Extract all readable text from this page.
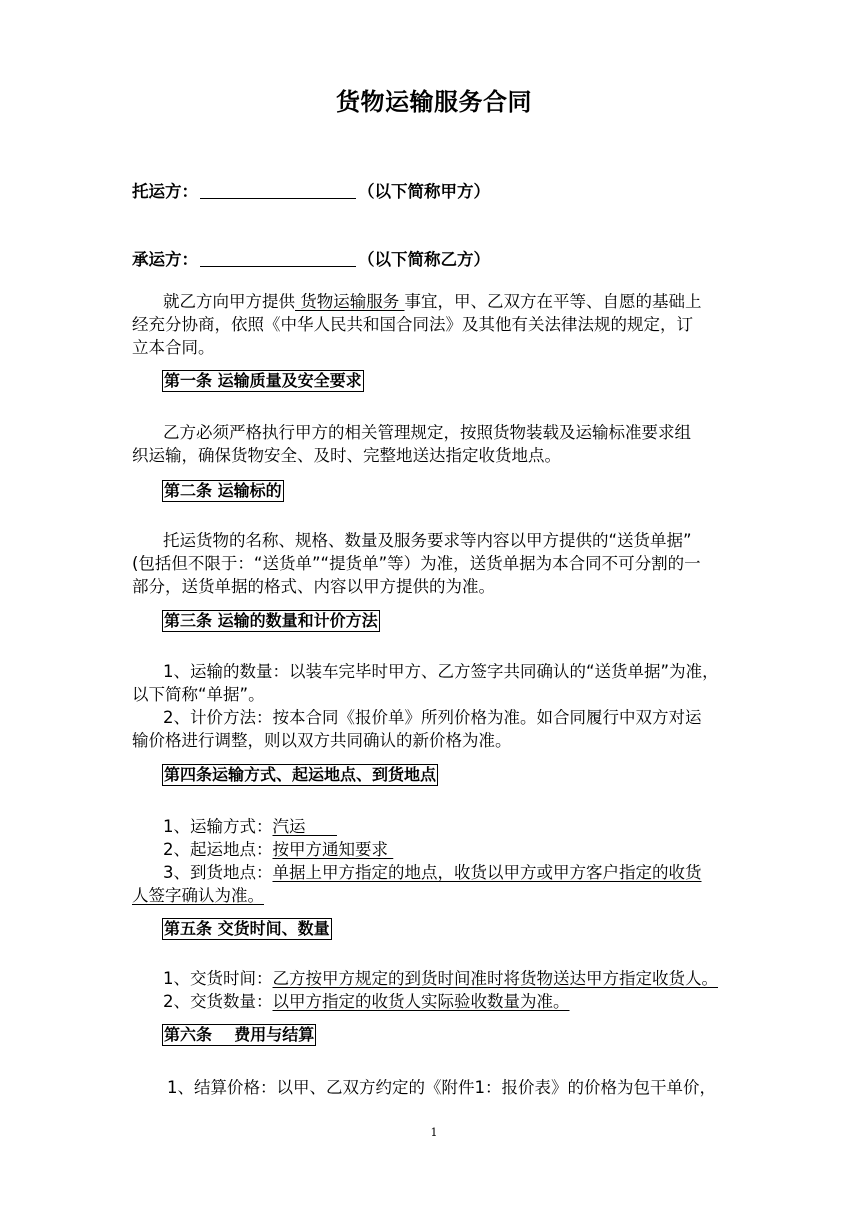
货物运输服务合同
托运方：	（以下简称甲方）
承运方：	（以下简称乙方）
就乙方向甲方提供 货物运输服务 事宜，甲、乙双方在平等、自愿的基础上
经充分协商，依照《中华人民共和国合同法》及其他有关法律法规的规定，订
立本合同。
第一条 运输质量及安全要求
乙方必须严格执行甲方的相关管理规定，按照货物装载及运输标准要求组
织运输，确保货物安全、及时、完整地送达指定收货地点。
第二条 运输标的
托运货物的名称、规格、数量及服务要求等内容以甲方提供的“送货单据”
(包括但不限于：“送货单”“提货单”等）为准，送货单据为本合同不可分割的一
部分，送货单据的格式、内容以甲方提供的为准。
第三条 运输的数量和计价方法
1、运输的数量：以装车完毕时甲方、乙方签字共同确认的“送货单据”为准，
以下简称“单据”。
2、计价方法：按本合同《报价单》所列价格为准。如合同履行中双方对运
输价格进行调整，则以双方共同确认的新价格为准。
第四条运输方式、起运地点、到货地点
1、运输方式：汽运
2、起运地点：按甲方通知要求
3、到货地点：单据上甲方指定的地点，收货以甲方或甲方客户指定的收货
人签字确认为准。
第五条 交货时间、数量
1、交货时间：乙方按甲方规定的到货时间准时将货物送达甲方指定收货人。
2、交货数量：以甲方指定的收货人实际验收数量为准。
第六条    费用与结算
1、结算价格：以甲、乙双方约定的《附件1：报价表》的价格为包干单价，
1
